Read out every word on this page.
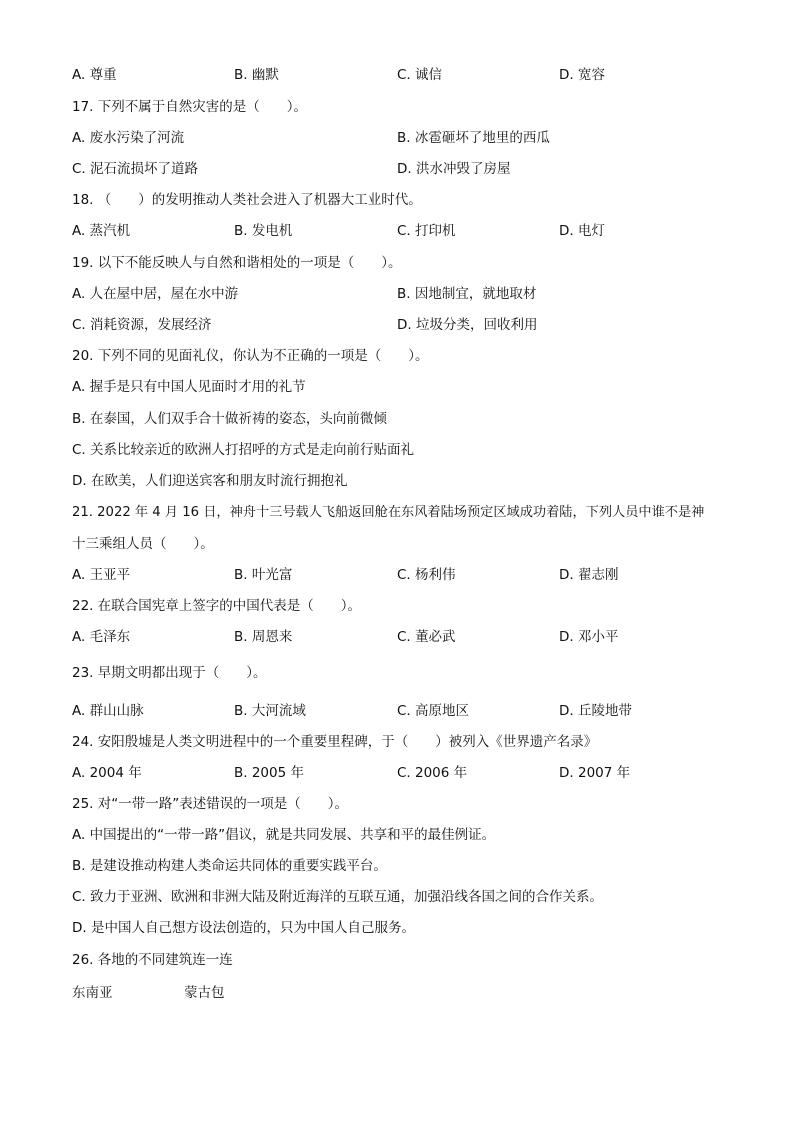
A. 尊重	B. 幽默	C. 诚信	D. 宽容
17. 下列不属于自然灾害的是（　　）。
A. 废水污染了河流	B. 冰雹砸坏了地里的西瓜
C. 泥石流损坏了道路	D. 洪水冲毁了房屋
18. （　　）的发明推动人类社会进入了机器大工业时代。
A. 蒸汽机	B. 发电机	C. 打印机	D. 电灯
19. 以下不能反映人与自然和谐相处的一项是（　　）。
A. 人在屋中居，屋在水中游	B. 因地制宜，就地取材
C. 消耗资源，发展经济	D. 垃圾分类，回收利用
20. 下列不同的见面礼仪，你认为不正确的一项是（　　）。
A. 握手是只有中国人见面时才用的礼节
B. 在泰国，人们双手合十做祈祷的姿态，头向前微倾
C. 关系比较亲近的欧洲人打招呼的方式是走向前行贴面礼
D. 在欧美，人们迎送宾客和朋友时流行拥抱礼
21. 2022 年 4 月 16 日，神舟十三号载人飞船返回舱在东风着陆场预定区域成功着陆，下列人员中谁不是神
十三乘组人员（　　）。
A. 王亚平	B. 叶光富	C. 杨利伟	D. 翟志刚
22. 在联合国宪章上签字的中国代表是（　　）。
A. 毛泽东	B. 周恩来	C. 董必武	D. 邓小平
23. 早期文明都出现于（　　）。
A. 群山山脉	B. 大河流域	C. 高原地区	D. 丘陵地带
24. 安阳殷墟是人类文明进程中的一个重要里程碑，于（　　）被列入《世界遗产名录》
A. 2004 年	B. 2005 年	C. 2006 年	D. 2007 年
25. 对“一带一路”表述错误的一项是（　　）。
A. 中国提出的“一带一路”倡议，就是共同发展、共享和平的最佳例证。
B. 是建设推动构建人类命运共同体的重要实践平台。
C. 致力于亚洲、欧洲和非洲大陆及附近海洋的互联互通，加强沿线各国之间的合作关系。
D. 是中国人自己想方设法创造的，只为中国人自己服务。
26. 各地的不同建筑连一连
东南亚	蒙古包
